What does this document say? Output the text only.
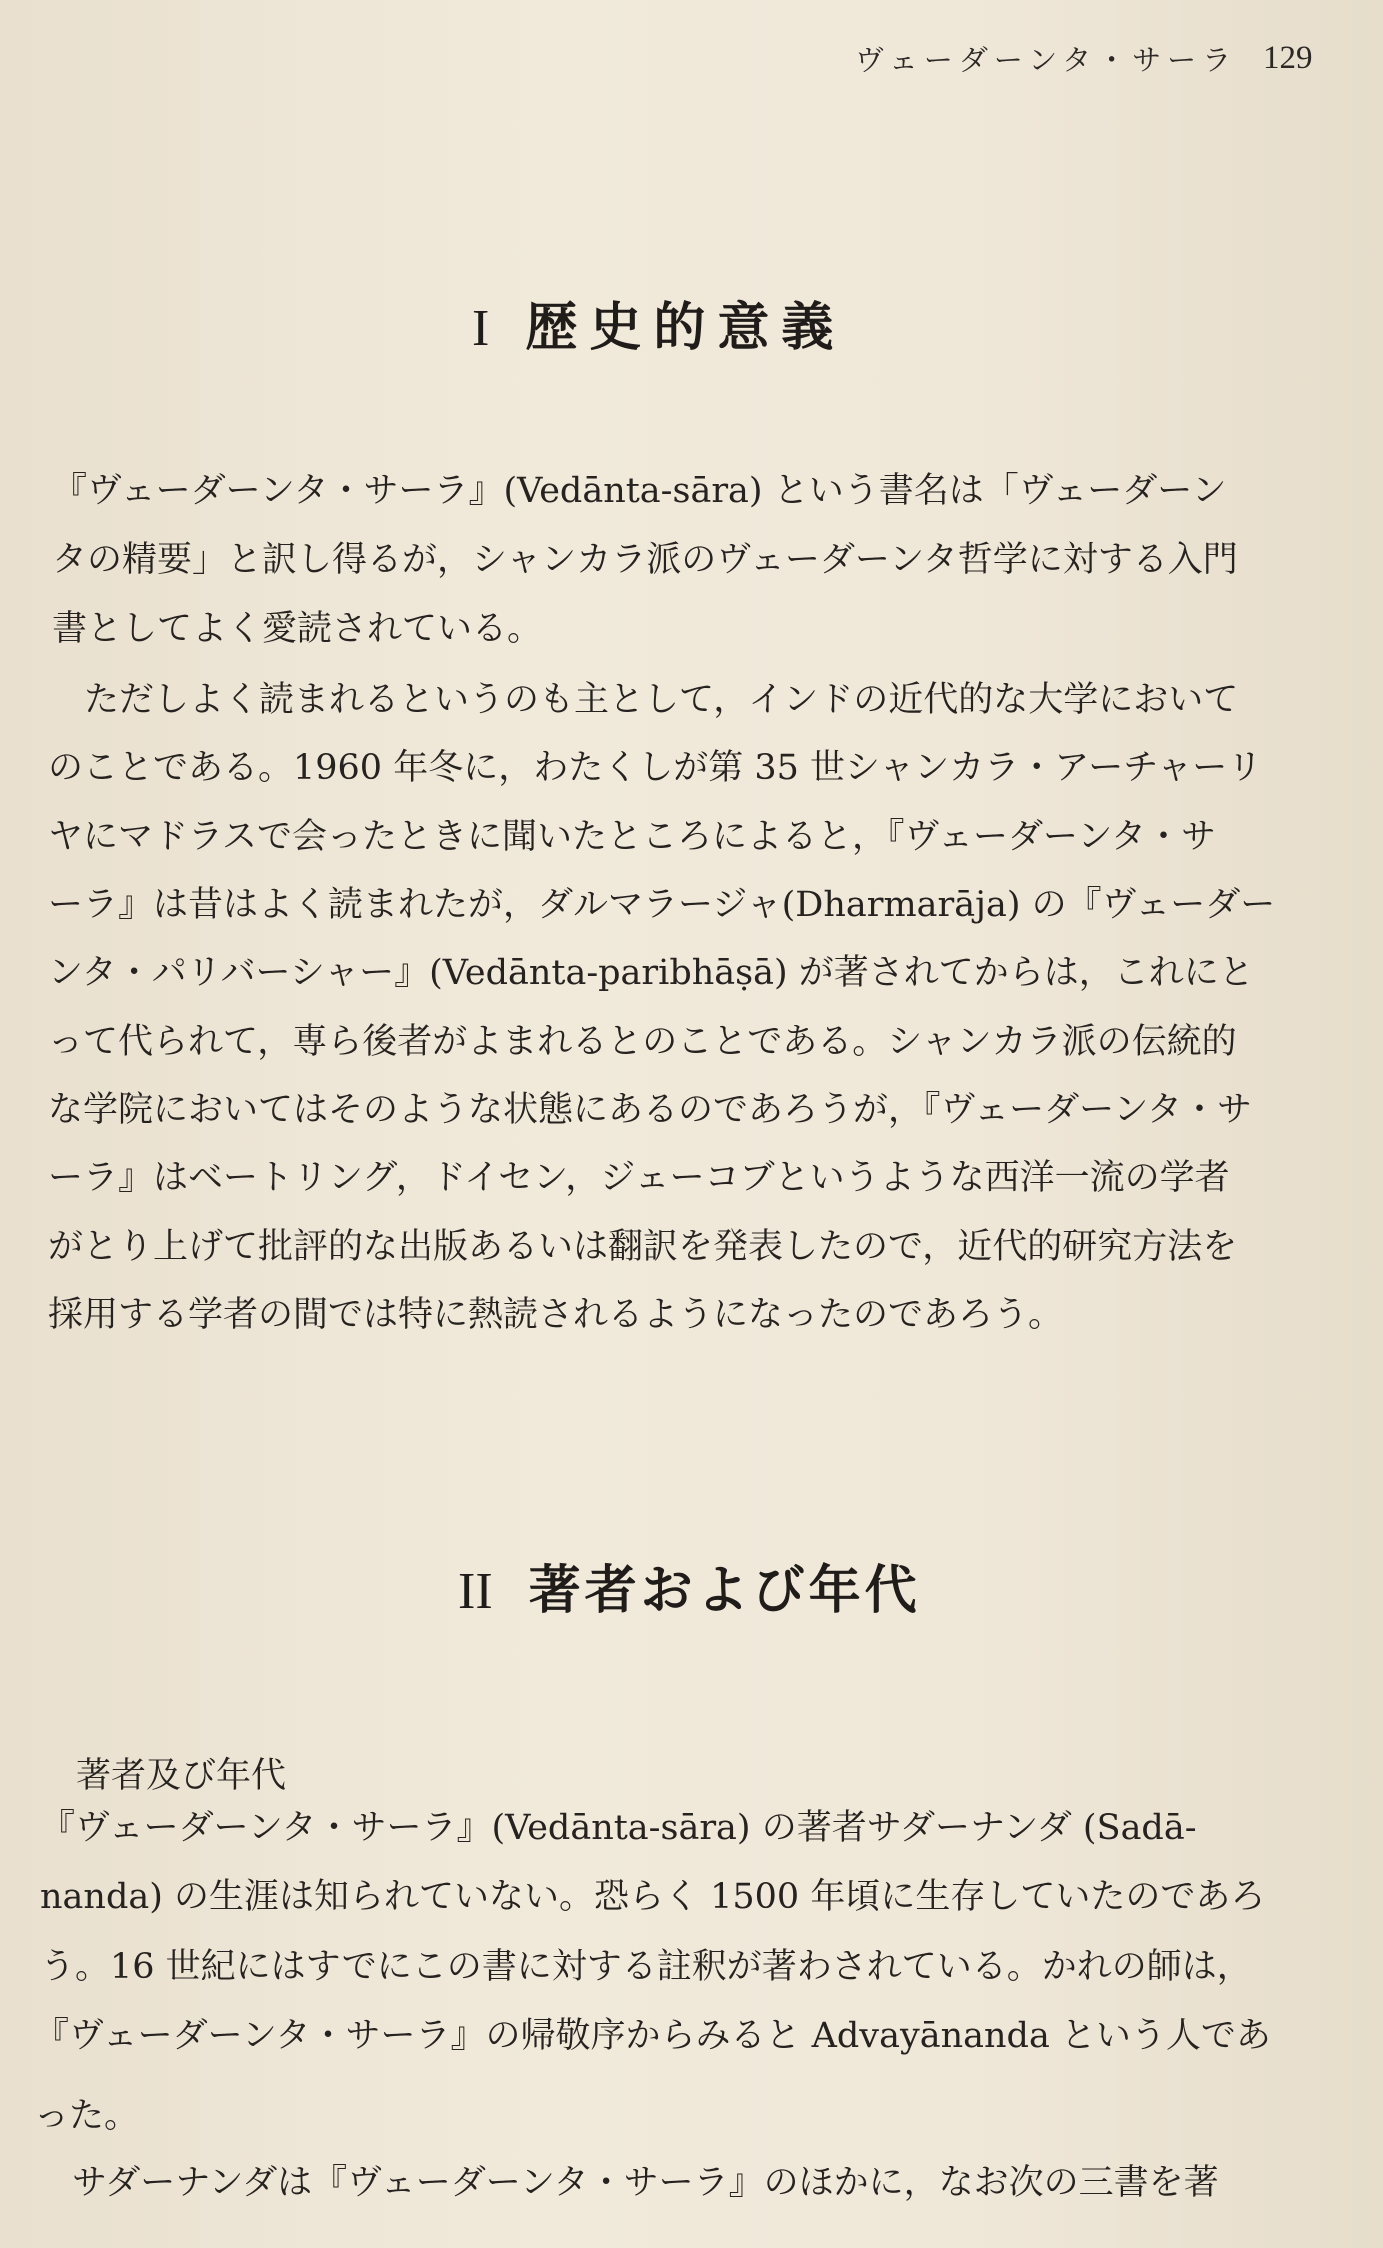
ヴェーダーンタ・サーラ 129
I 歴史的意義
『ヴェーダーンタ・サーラ』(Vedānta-sāra) という書名は「ヴェーダーン
タの精要」と訳し得るが，シャンカラ派のヴェーダーンタ哲学に対する入門
書としてよく愛読されている。
ただしよく読まれるというのも主として，インドの近代的な大学において
のことである。1960 年冬に，わたくしが第 35 世シャンカラ・アーチャーリ
ヤにマドラスで会ったときに聞いたところによると，『ヴェーダーンタ・サ
ーラ』は昔はよく読まれたが，ダルマラージャ(Dharmarāja) の『ヴェーダー
ンタ・パリバーシャー』(Vedānta-paribhāṣā) が著されてからは，これにと
って代られて，専ら後者がよまれるとのことである。シャンカラ派の伝統的
な学院においてはそのような状態にあるのであろうが，『ヴェーダーンタ・サ
ーラ』はベートリング，ドイセン，ジェーコブというような西洋一流の学者
がとり上げて批評的な出版あるいは翻訳を発表したので，近代的研究方法を
採用する学者の間では特に熱読されるようになったのであろう。
II 著者および年代
著者及び年代
『ヴェーダーンタ・サーラ』(Vedānta-sāra) の著者サダーナンダ (Sadā-
nanda) の生涯は知られていない。恐らく 1500 年頃に生存していたのであろ
う。16 世紀にはすでにこの書に対する註釈が著わされている。かれの師は，
『ヴェーダーンタ・サーラ』の帰敬序からみると Advayānanda という人であ
った。
サダーナンダは『ヴェーダーンタ・サーラ』のほかに，なお次の三書を著
